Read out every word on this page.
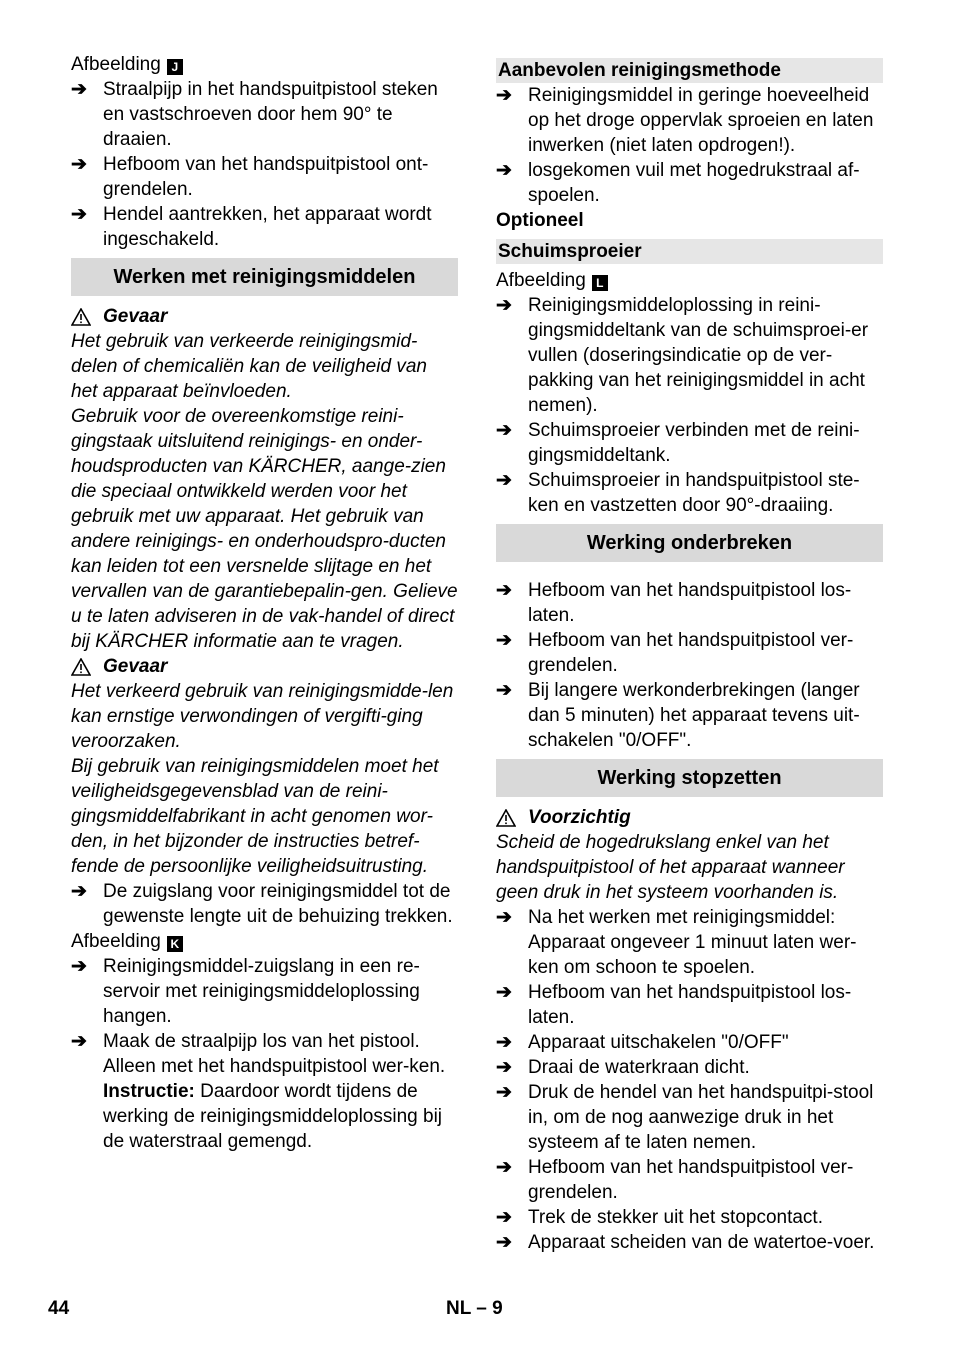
Afbeelding J

➔ Straalpijp in het handspuitpistool steken en vastschroeven door hem 90° te draaien.
➔ Hefboom van het handspuitpistool ont-grendelen.
➔ Hendel aantrekken, het apparaat wordt ingeschakeld.
Werken met reinigingsmiddelen
Gevaar

Het gebruik van verkeerde reinigingsmid-delen of chemicaliën kan de veiligheid van het apparaat beïnvloeden.

Gebruik voor de overeenkomstige reini-gingstaak uitsluitend reinigings- en onder-houdsproducten van KÄRCHER, aange-zien die speciaal ontwikkeld werden voor het gebruik met uw apparaat. Het gebruik van andere reinigings- en onderhoudspro-ducten kan leiden tot een versnelde slijtage en het vervallen van de garantiebepalin-gen. Gelieve u te laten adviseren in de vak-handel of direct bij KÄRCHER informatie aan te vragen.

Gevaar

Het verkeerd gebruik van reinigingsmidde-len kan ernstige verwondingen of vergifti-ging veroorzaken.

Bij gebruik van reinigingsmiddelen moet het veiligheidsgegevensblad van de reini-gingsmiddelfabrikant in acht genomen wor-den, in het bijzonder de instructies betref-fende de persoonlijke veiligheidsuitrusting.

➔ De zuigslang voor reinigingsmiddel tot de gewenste lengte uit de behuizing trekken.

Afbeelding K

➔ Reinigingsmiddel-zuigslang in een re-servoir met reinigingsmiddeloplossing hangen.
➔ Maak de straalpijp los van het pistool. Alleen met het handspuitpistool wer-ken.
Instructie: Daardoor wordt tijdens de werking de reinigingsmiddeloplossing bij de waterstraal gemengd.
Aanbevolen reinigingsmethode
➔ Reinigingsmiddel in geringe hoeveelheid op het droge oppervlak sproeien en laten inwerken (niet laten opdrogen!).
➔ losgekomen vuil met hogedrukstraal af-spoelen.

Optioneel

Schuimsproeier

Afbeelding L

➔ Reinigingsmiddeloplossing in reini-gingsmiddeltank van de schuimsproei-er vullen (doseringsindicatie op de ver-pakking van het reinigingsmiddel in acht nemen).
➔ Schuimsproeier verbinden met de reini-gingsmiddeltank.
➔ Schuimsproeier in handspuitpistool ste-ken en vastzetten door 90°-draaiing.
Werking onderbreken
➔ Hefboom van het handspuitpistool los-laten.
➔ Hefboom van het handspuitpistool ver-grendelen.
➔ Bij langere werkonderbrekingen (langer dan 5 minuten) het apparaat tevens uit-schakelen "0/OFF".
Werking stopzetten
Voorzichtig

Scheid de hogedrukslang enkel van het handspuitpistool of het apparaat wanneer geen druk in het systeem voorhanden is.

➔ Na het werken met reinigingsmiddel: Apparaat ongeveer 1 minuut laten wer-ken om schoon te spoelen.
➔ Hefboom van het handspuitpistool los-laten.
➔ Apparaat uitschakelen "0/OFF"
➔ Draai de waterkraan dicht.
➔ Druk de hendel van het handspuitpi-stool in, om de nog aanwezige druk in het systeem af te laten nemen.
➔ Hefboom van het handspuitpistool ver-grendelen.
➔ Trek de stekker uit het stopcontact.
➔ Apparaat scheiden van de watertoe-voer.
44	NL – 9
